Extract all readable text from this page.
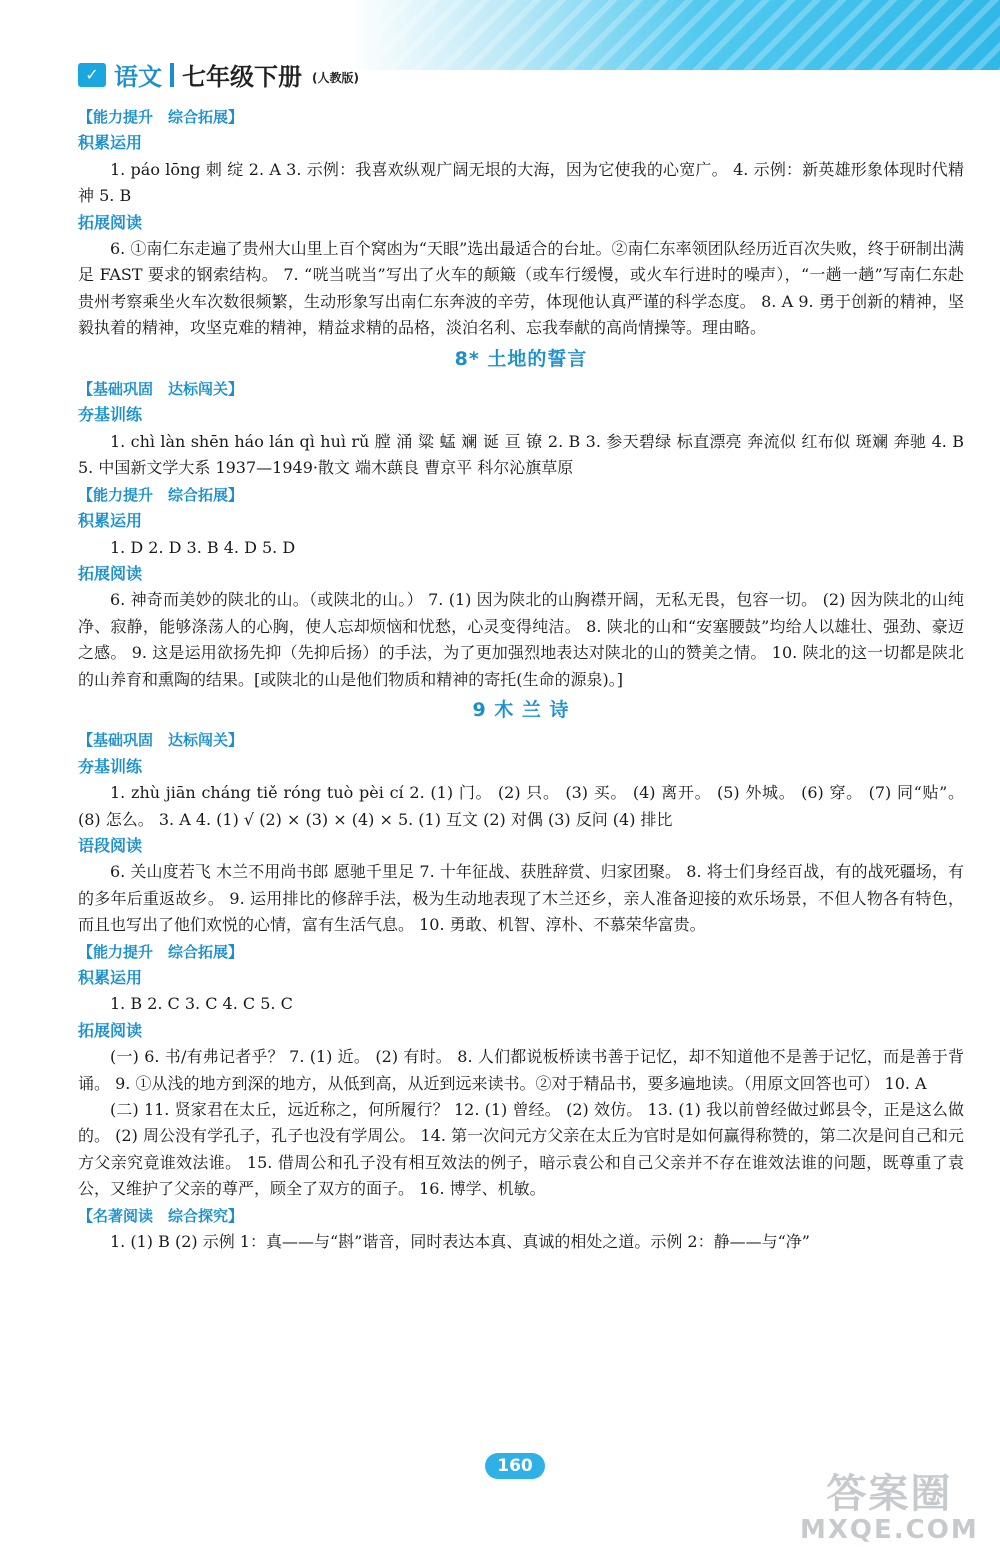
✓ 语文 七年级下册 (人教版)
【能力提升　综合拓展】
积累运用
1. páo lōng 刺 绽 2. A 3. 示例：我喜欢纵观广阔无垠的大海，因为它使我的心宽广。 4. 示例：新英雄形象体现时代精神 5. B
拓展阅读
6. ①南仁东走遍了贵州大山里上百个窝凼为“天眼”选出最适合的台址。②南仁东率领团队经历近百次失败，终于研制出满足 FAST 要求的钢索结构。 7. “咣当咣当”写出了火车的颠簸（或车行缓慢，或火车行进时的噪声），“一趟一趟”写南仁东赴贵州考察乘坐火车次数很频繁，生动形象写出南仁东奔波的辛劳，体现他认真严谨的科学态度。 8. A 9. 勇于创新的精神，坚毅执着的精神，攻坚克难的精神，精益求精的品格，淡泊名利、忘我奉献的高尚情操等。理由略。
8* 土地的誓言
【基础巩固　达标闯关】
夯基训练
1. chì làn shēn háo lán qì huì rǔ 膛 涌 粱 蜢 斓 诞 亘 镣 2. B 3. 参天碧绿 标直漂亮 奔流似 红布似 斑斓 奔驰 4. B 5. 中国新文学大系 1937—1949·散文 端木蕻良 曹京平 科尔沁旗草原
【能力提升　综合拓展】
积累运用
1. D 2. D 3. B 4. D 5. D
拓展阅读
6. 神奇而美妙的陕北的山。（或陕北的山。） 7. (1) 因为陕北的山胸襟开阔，无私无畏，包容一切。 (2) 因为陕北的山纯净、寂静，能够涤荡人的心胸，使人忘却烦恼和忧愁，心灵变得纯洁。 8. 陕北的山和“安塞腰鼓”均给人以雄壮、强劲、豪迈之感。 9. 这是运用欲扬先抑（先抑后扬）的手法，为了更加强烈地表达对陕北的山的赞美之情。 10. 陕北的这一切都是陕北的山养育和熏陶的结果。[或陕北的山是他们物质和精神的寄托(生命的源泉)。]
9 木 兰 诗
【基础巩固　达标闯关】
夯基训练
1. zhù jiān cháng tiě róng tuò pèi cí 2. (1) 门。 (2) 只。 (3) 买。 (4) 离开。 (5) 外城。 (6) 穿。 (7) 同“贴”。 (8) 怎么。 3. A 4. (1) √ (2) × (3) × (4) × 5. (1) 互文 (2) 对偶 (3) 反问 (4) 排比
语段阅读
6. 关山度若飞 木兰不用尚书郎 愿驰千里足 7. 十年征战、获胜辞赏、归家团聚。 8. 将士们身经百战，有的战死疆场，有的多年后重返故乡。 9. 运用排比的修辞手法，极为生动地表现了木兰还乡，亲人准备迎接的欢乐场景，不但人物各有特色，而且也写出了他们欢悦的心情，富有生活气息。 10. 勇敢、机智、淳朴、不慕荣华富贵。
【能力提升　综合拓展】
积累运用
1. B 2. C 3. C 4. C 5. C
拓展阅读
(一) 6. 书/有弗记者乎？ 7. (1) 近。 (2) 有时。 8. 人们都说板桥读书善于记忆，却不知道他不是善于记忆，而是善于背诵。 9. ①从浅的地方到深的地方，从低到高，从近到远来读书。②对于精品书，要多遍地读。（用原文回答也可） 10. A
(二) 11. 贤家君在太丘，远近称之，何所履行？ 12. (1) 曾经。 (2) 效仿。 13. (1) 我以前曾经做过邺县令，正是这么做的。 (2) 周公没有学孔子，孔子也没有学周公。 14. 第一次问元方父亲在太丘为官时是如何赢得称赞的，第二次是问自己和元方父亲究竟谁效法谁。 15. 借周公和孔子没有相互效法的例子，暗示袁公和自己父亲并不存在谁效法谁的问题，既尊重了袁公，又维护了父亲的尊严，顾全了双方的面子。 16. 博学、机敏。
【名著阅读　综合探究】
1. (1) B (2) 示例 1：真——与“斟”谐音，同时表达本真、真诚的相处之道。示例 2：静——与“净”
160
答案圈
MXQE.COM
